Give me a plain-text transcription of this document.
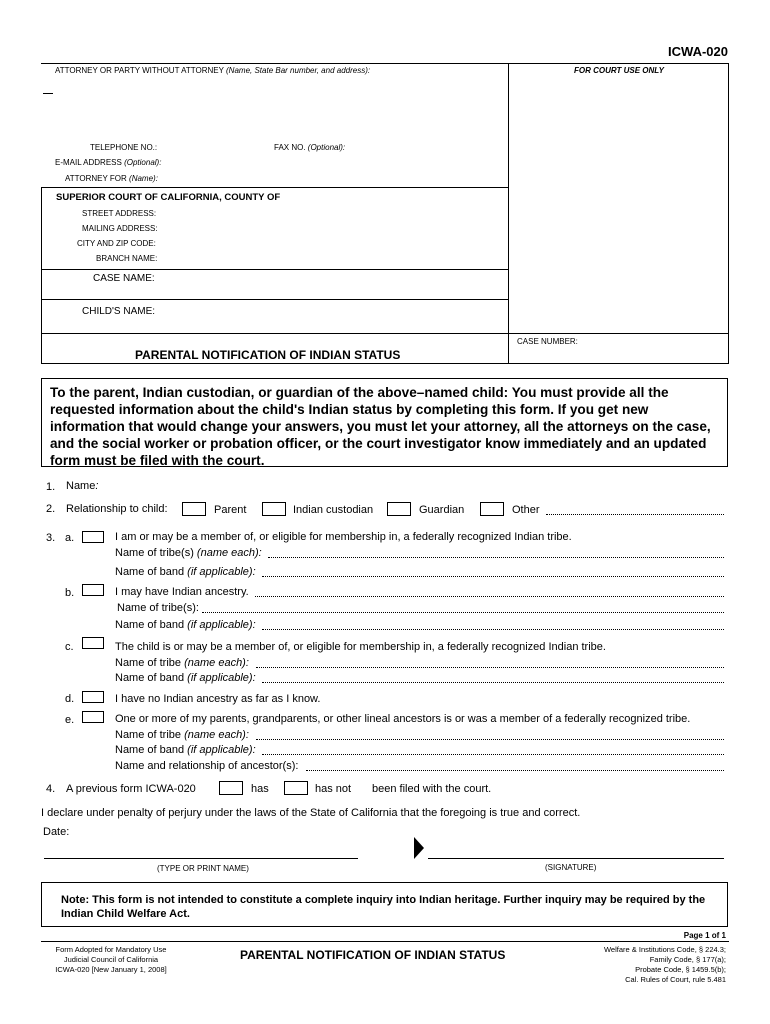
ICWA-020
ATTORNEY OR PARTY WITHOUT ATTORNEY (Name, State Bar number, and address):	FOR COURT USE ONLY
TELEPHONE NO.:	FAX NO. (Optional):
E-MAIL ADDRESS (Optional):
ATTORNEY FOR (Name):
SUPERIOR COURT OF CALIFORNIA, COUNTY OF
STREET ADDRESS:
MAILING ADDRESS:
CITY AND ZIP CODE:
BRANCH NAME:
CASE NAME:
CHILD'S NAME:
CASE NUMBER:
PARENTAL NOTIFICATION OF INDIAN STATUS
To the parent, Indian custodian, or guardian of the above–named child: You must provide all the requested information about the child's Indian status by completing this form. If you get new information that would change your answers, you must let your attorney, all the attorneys on the case, and the social worker or probation officer, or the court investigator know immediately and an updated form must be filed with the court.
1. Name:
2. Relationship to child:	Parent	Indian custodian	Guardian	Other
3. a.	I am or may be a member of, or eligible for membership in, a federally recognized Indian tribe.
Name of tribe(s) (name each):
Name of band (if applicable):
b.	I may have Indian ancestry.
Name of tribe(s):
Name of band (if applicable):
c.	The child is or may be a member of, or eligible for membership in, a federally recognized Indian tribe.
Name of tribe (name each):
Name of band (if applicable):
d.	I have no Indian ancestry as far as I know.
e.	One or more of my parents, grandparents, or other lineal ancestors is or was a member of a federally recognized tribe.
Name of tribe (name each):
Name of band (if applicable):
Name and relationship of ancestor(s):
4. A previous form ICWA-020	has	has not been filed with the court.
I declare under penalty of perjury under the laws of the State of California that the foregoing is true and correct.
Date:
(TYPE OR PRINT NAME)	(SIGNATURE)
Note: This form is not intended to constitute a complete inquiry into Indian heritage. Further inquiry may be required by the Indian Child Welfare Act.
Page 1 of 1
Form Adopted for Mandatory Use
Judicial Council of California
ICWA-020 [New January 1, 2008]
PARENTAL NOTIFICATION OF INDIAN STATUS	Welfare & Institutions Code, § 224.3;
Family Code, § 177(a);
Probate Code, § 1459.5(b);
Cal. Rules of Court, rule 5.481
